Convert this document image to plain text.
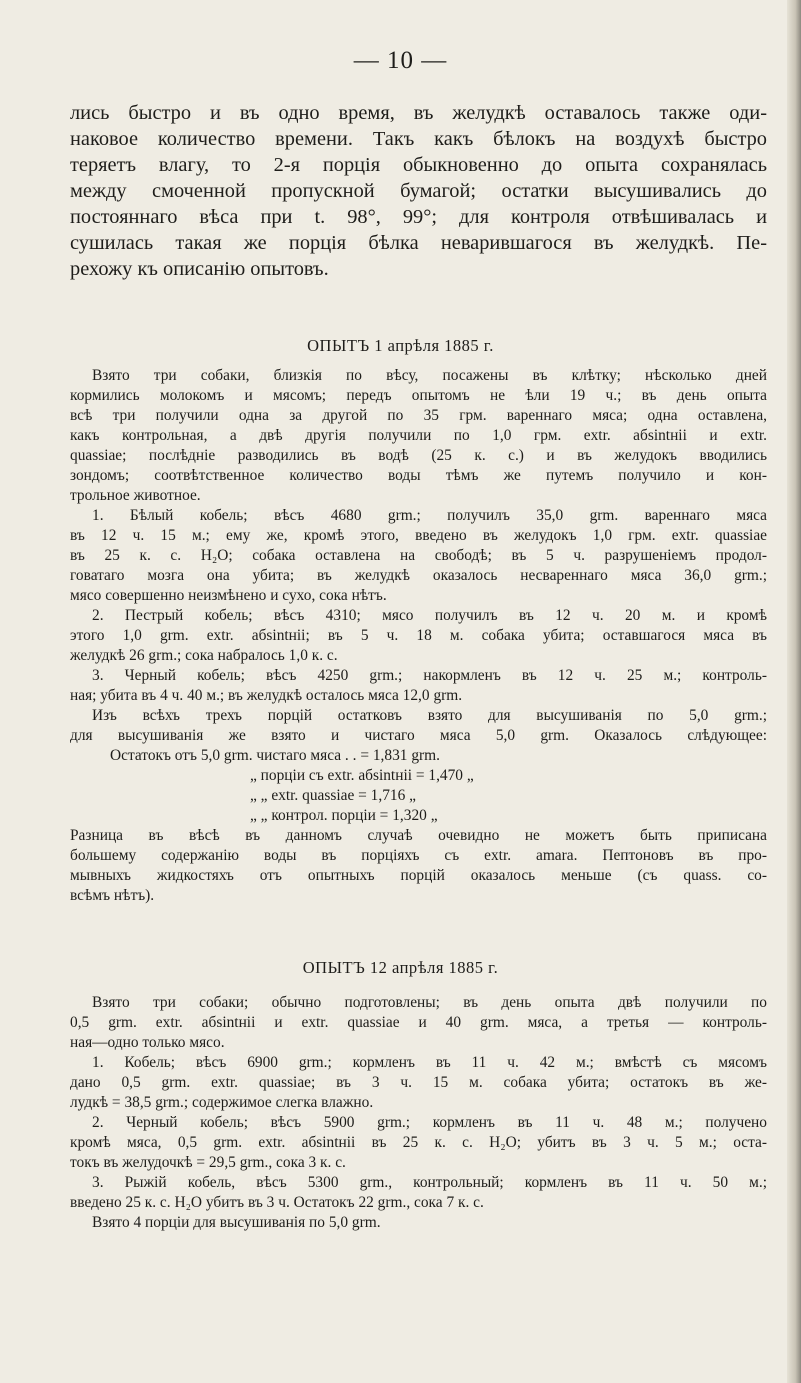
— 10 —
лись быстро и въ одно время, въ желудкѣ оставалось также оди-
наковое количество времени. Такъ какъ бѣлокъ на воздухѣ быстро
теряетъ влагу, то 2-я порція обыкновенно до опыта сохранялась
между смоченной пропускной бумагой; остатки высушивались до
постояннаго вѣса при t. 98°, 99°; для контроля отвѣшивалась и
сушилась такая же порція бѣлка неварившагося въ желудкѣ. Пе-
рехожу къ описанію опытовъ.
ОПЫТЪ 1 апрѣля 1885 г.
Взято три собаки, близкія по вѣсу, посажены въ клѣтку; нѣсколько дней
кормились молокомъ и мясомъ; передъ опытомъ не ѣли 19 ч.; въ день опыта
всѣ три получили одна за другой по 35 грм. вареннаго мяса; одна оставлена,
какъ контрольная, а двѣ другія получили по 1,0 грм. extr. aбsintнii и extr.
quassiae; послѣдніе разводились въ водѣ (25 к. с.) и въ желудокъ вводились
зондомъ; соотвѣтственное количество воды тѣмъ же путемъ получило и кон-
трольное животное.
1. Бѣлый кобель; вѣсъ 4680 grm.; получилъ 35,0 grm. вареннаго мяса
въ 12 ч. 15 м.; ему же, кромѣ этого, введено въ желудокъ 1,0 грм. extr. quassiae
въ 25 к. с. H₂O; собака оставлена на свободѣ; въ 5 ч. разрушеніемъ продол-
говатаго мозга она убита; въ желудкѣ оказалось несвареннаго мяса 36,0 grm.;
мясо совершенно неизмѣнено и сухо, сока нѣтъ.
2. Пестрый кобель; вѣсъ 4310; мясо получилъ въ 12 ч. 20 м. и кромѣ
этого 1,0 grm. extr. aбsintнii; въ 5 ч. 18 м. собака убита; оставшагося мяса въ
желудкѣ 26 grm.; сока набралось 1,0 к. с.
3. Черный кобель; вѣсъ 4250 grm.; накормленъ въ 12 ч. 25 м.; контроль-
ная; убита въ 4 ч. 40 м.; въ желудкѣ осталось мяса 12,0 grm.
Изъ всѣхъ трехъ порцій остатковъ взято для высушиванія по 5,0 grm.;
для высушиванія же взято и чистаго мяса 5,0 grm. Оказалось слѣдующее:
Остатокъ отъ 5,0 grm. чистаго мяса . . = 1,831 grm.
„ порціи съ extr. aбsintнii = 1,470 „
„ „ extr. quassiae = 1,716 „
„ „ контрол. порціи = 1,320 „
Разница въ вѣсѣ въ данномъ случаѣ очевидно не можетъ быть приписана
большему содержанію воды въ порціяхъ съ extr. amara. Пептоновъ въ про-
мывныхъ жидкостяхъ отъ опытныхъ порцій оказалось меньше (съ quass. со-
всѣмъ нѣтъ).
ОПЫТЪ 12 апрѣля 1885 г.
Взято три собаки; обычно подготовлены; въ день опыта двѣ получили по
0,5 grm. extr. aбsintнii и extr. quassiae и 40 grm. мяса, а третья — контроль-
ная—одно только мясо.
1. Кобель; вѣсъ 6900 grm.; кормленъ въ 11 ч. 42 м.; вмѣстѣ съ мясомъ
дано 0,5 grm. extr. quassiae; въ 3 ч. 15 м. собака убита; остатокъ въ же-
лудкѣ = 38,5 grm.; содержимое слегка влажно.
2. Черный кобель; вѣсъ 5900 grm.; кормленъ въ 11 ч. 48 м.; получено
кромѣ мяса, 0,5 grm. extr. aбsintнii въ 25 к. с. H₂O; убитъ въ 3 ч. 5 м.; оста-
токъ въ желудочкѣ = 29,5 grm., сока 3 к. с.
3. Рыжій кобель, вѣсъ 5300 grm., контрольный; кормленъ въ 11 ч. 50 м.;
введено 25 к. с. H₂O убитъ въ 3 ч. Остатокъ 22 grm., сока 7 к. с.
Взято 4 порціи для высушиванія по 5,0 grm.
